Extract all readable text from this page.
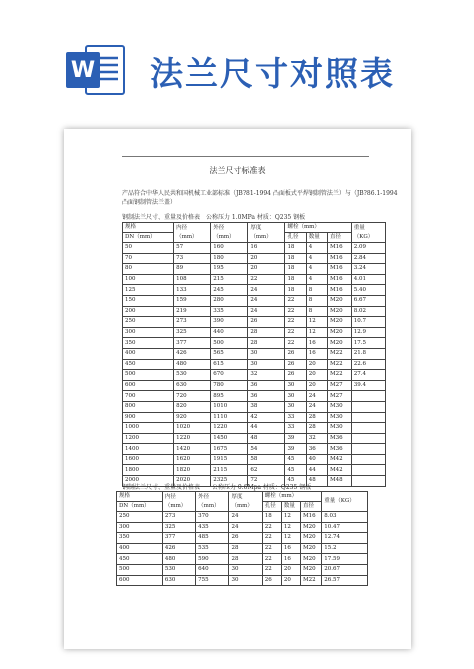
W 法兰尺寸对照表
法兰尺寸标准表
产品符合中华人民共和国机械工业部标准（JB?81-1994 凸面板式平焊钢制管法兰）与（JB?86.1-1994 凸面钢制管法兰盖）
钢制法兰尺寸、重量及价格表　公称压力 1.0MPa 材质：Q235 钢板
规格	内径
（mm）	外径
（mm）	厚度
（mm）	螺栓（mm）			重量
（KG）
DN（mm）				孔径	数量	直径	
50	57	160	16	18	4	M16	2.09
70	73	180	20	18	4	M16	2.84
80	89	195	20	18	4	M16	3.24
100	108	215	22	18	4	M16	4.01
125	133	245	24	18	8	M16	5.40
150	159	280	24	22	8	M20	6.67
200	219	335	24	22	8	M20	8.02
250	273	390	26	22	12	M20	10.7
300	325	440	28	22	12	M20	12.9
350	377	500	28	22	16	M20	17.5
400	426	565	30	26	16	M22	21.8
450	480	615	30	26	20	M22	22.6
500	530	670	32	26	20	M22	27.4
600	630	780	36	30	20	M27	39.4
700	720	895	36	30	24	M27	
800	820	1010	38	30	24	M30	
900	920	1110	42	33	28	M30	
1000	1020	1220	44	33	28	M30	
1200	1220	1450	48	39	32	M36	
1400	1420	1675	54	39	36	M36	
1600	1620	1915	58	45	40	M42	
1800	1820	2115	62	45	44	M42	
2000	2020	2325	72	45	48	M48	
钢制法兰尺寸、重量及价格表　　公称压力 0.6Mpa 材质：Q235 钢板
规格	内径
（mm）	外径
（mm）	厚度
（mm）	螺栓（mm）			重量（KG）
DN（mm）				孔径	数量	直径	
250	273	370	24	18	12	M16	8.03
300	325	435	24	22	12	M20	10.47
350	377	485	26	22	12	M20	12.74
400	426	535	28	22	16	M20	15.2
450	480	590	28	22	16	M20	17.59
500	530	640	30	22	20	M20	20.67
600	630	755	30	26	20	M22	26.57
